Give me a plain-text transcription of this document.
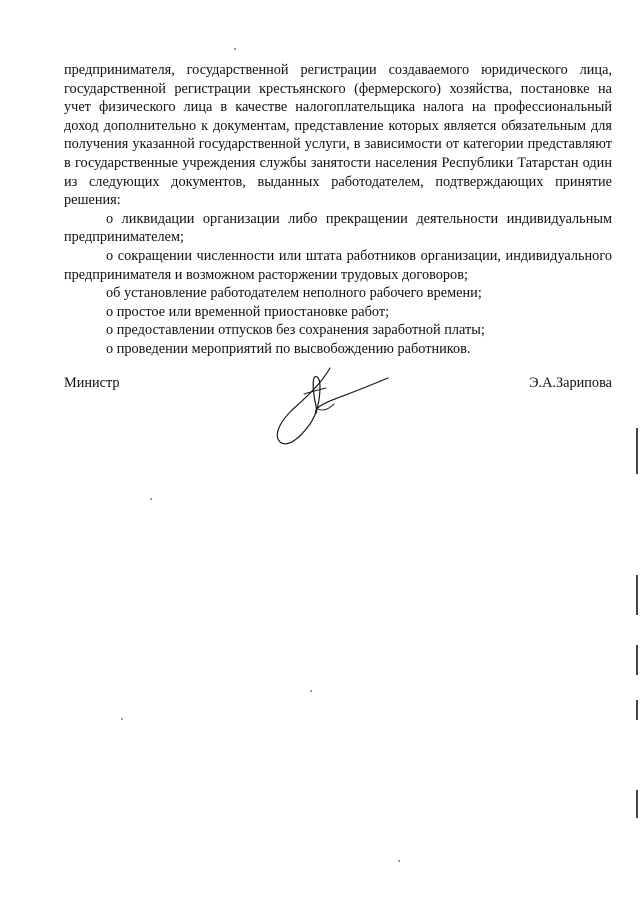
предпринимателя, государственной регистрации создаваемого юридического лица, государственной регистрации крестьянского (фермерского) хозяйства, постановке на учет физического лица в качестве налогоплательщика налога на профессиональный доход дополнительно к документам, представление которых является обязательным для получения указанной государственной услуги, в зависимости от категории представляют в государственные учреждения службы занятости населения Республики Татарстан один из следующих документов, выданных работодателем, подтверждающих принятие решения:

о ликвидации организации либо прекращении деятельности индивидуальным предпринимателем;

о сокращении численности или штата работников организации, индивидуального предпринимателя и возможном расторжении трудовых договоров;

об установление работодателем неполного рабочего времени;

о простое или временной приостановке работ;

о предоставлении отпусков без сохранения заработной платы;

о проведении мероприятий по высвобождению работников.

Министр	Э.А.Зарипова
